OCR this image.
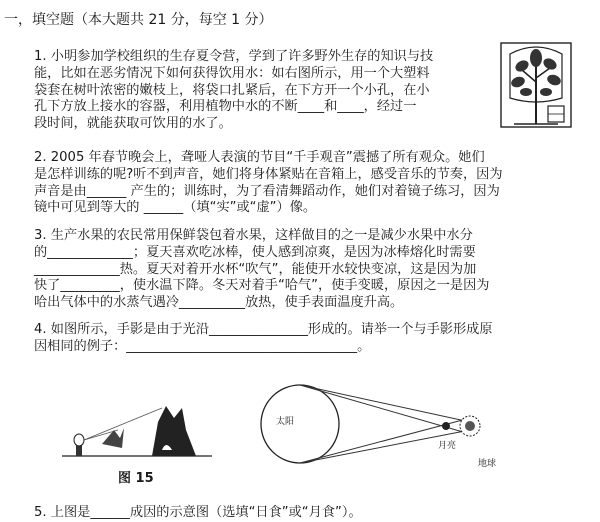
一，填空题（本大题共 21 分，每空 1 分）

1. 小明参加学校组织的生存夏令营，学到了许多野外生存的知识与技

能，比如在恶劣情况下如何获得饮用水：如右图所示，用一个大塑料

袋套在树叶浓密的嫩枝上，将袋口扎紧后，在下方开一个小孔，在小

孔下方放上接水的容器，利用植物中水的不断____和____，经过一

段时间，就能获取可饮用的水了。

2. 2005 年春节晚会上，聋哑人表演的节目“千手观音”震撼了所有观众。她们

是怎样训练的呢?听不到声音，她们将身体紧贴在音箱上，感受音乐的节奏，因为

声音是由______ 产生的；训练时，为了看清舞蹈动作，她们对着镜子练习，因为

镜中可见到等大的 ______（填“实”或“虚”）像。

3. 生产水果的农民常用保鲜袋包着水果，这样做目的之一是减少水果中水分

的_____________；夏天喜欢吃冰棒，使人感到凉爽，是因为冰棒熔化时需要

_____________热。夏天对着开水杯“吹气”，能使开水较快变凉，这是因为加

快了_________，使水温下降。冬天对着手“哈气”，使手变暖，原因之一是因为

哈出气体中的水蒸气遇冷__________放热，使手表面温度升高。

4. 如图所示，手影是由于光沿_______________形成的。请举一个与手影形成原

因相同的例子：___________________________________。

图 15
太阳
月亮
地球
5. 上图是______成因的示意图（选填“日食”或“月食”）。
